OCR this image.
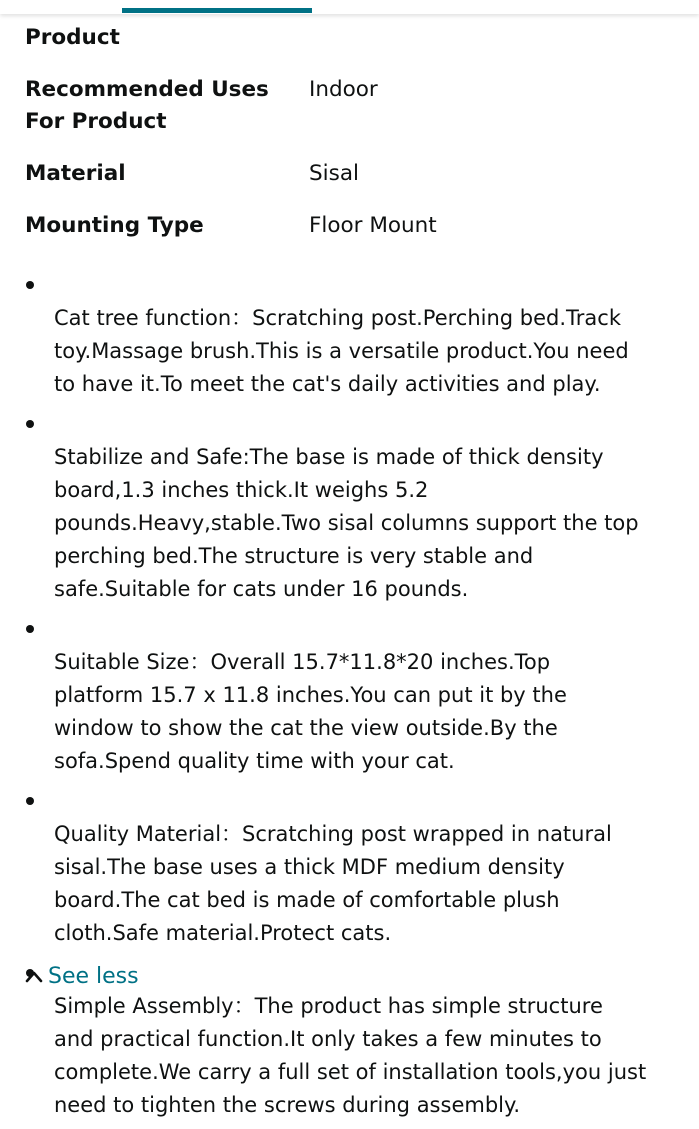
Product
Recommended Uses
For Product
Indoor
Material	Sisal
Mounting Type	Floor Mount

Cat tree function：Scratching post.Perching bed.Track
toy.Massage brush.This is a versatile product.You need
to have it.To meet the cat's daily activities and play.

Stabilize and Safe:The base is made of thick density
board,1.3 inches thick.It weighs 5.2
pounds.Heavy,stable.Two sisal columns support the top
perching bed.The structure is very stable and
safe.Suitable for cats under 16 pounds.

Suitable Size：Overall 15.7*11.8*20 inches.Top
platform 15.7 x 11.8 inches.You can put it by the
window to show the cat the view outside.By the
sofa.Spend quality time with your cat.

Quality Material：Scratching post wrapped in natural
sisal.The base uses a thick MDF medium density
board.The cat bed is made of comfortable plush
cloth.Safe material.Protect cats.

Simple Assembly：The product has simple structure
and practical function.It only takes a few minutes to
complete.We carry a full set of installation tools,you just
need to tighten the screws during assembly.

See less
